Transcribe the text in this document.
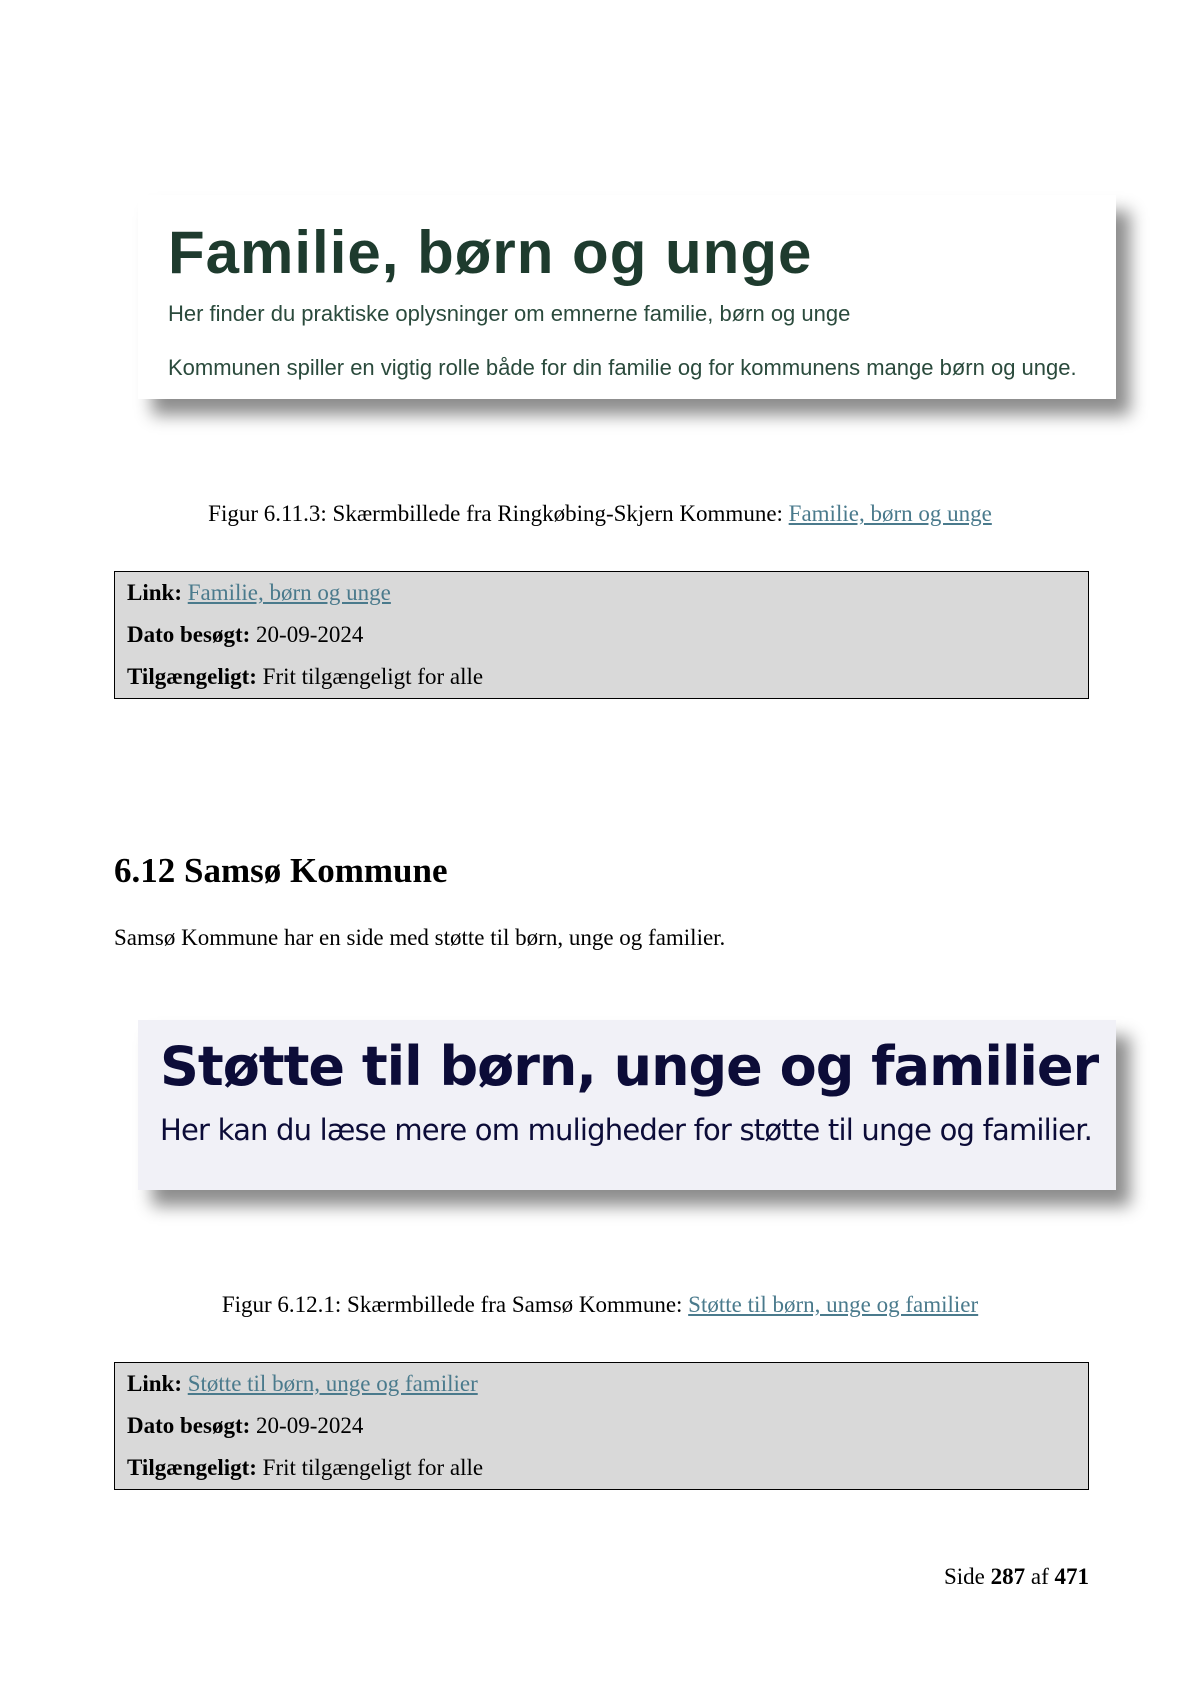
Familie, børn og unge

Her finder du praktiske oplysninger om emnerne familie, børn og unge

Kommunen spiller en vigtig rolle både for din familie og for kommunens mange børn og unge.

Figur 6.11.3: Skærmbillede fra Ringkøbing-Skjern Kommune: Familie, børn og unge
Link: Familie, børn og unge
Dato besøgt: 20-09-2024
Tilgængeligt: Frit tilgængeligt for alle
6.12 Samsø Kommune

Samsø Kommune har en side med støtte til børn, unge og familier.

Støtte til børn, unge og familier

Her kan du læse mere om muligheder for støtte til unge og familier.

Figur 6.12.1: Skærmbillede fra Samsø Kommune: Støtte til børn, unge og familier
Link: Støtte til børn, unge og familier
Dato besøgt: 20-09-2024
Tilgængeligt: Frit tilgængeligt for alle
Side 287 af 471
